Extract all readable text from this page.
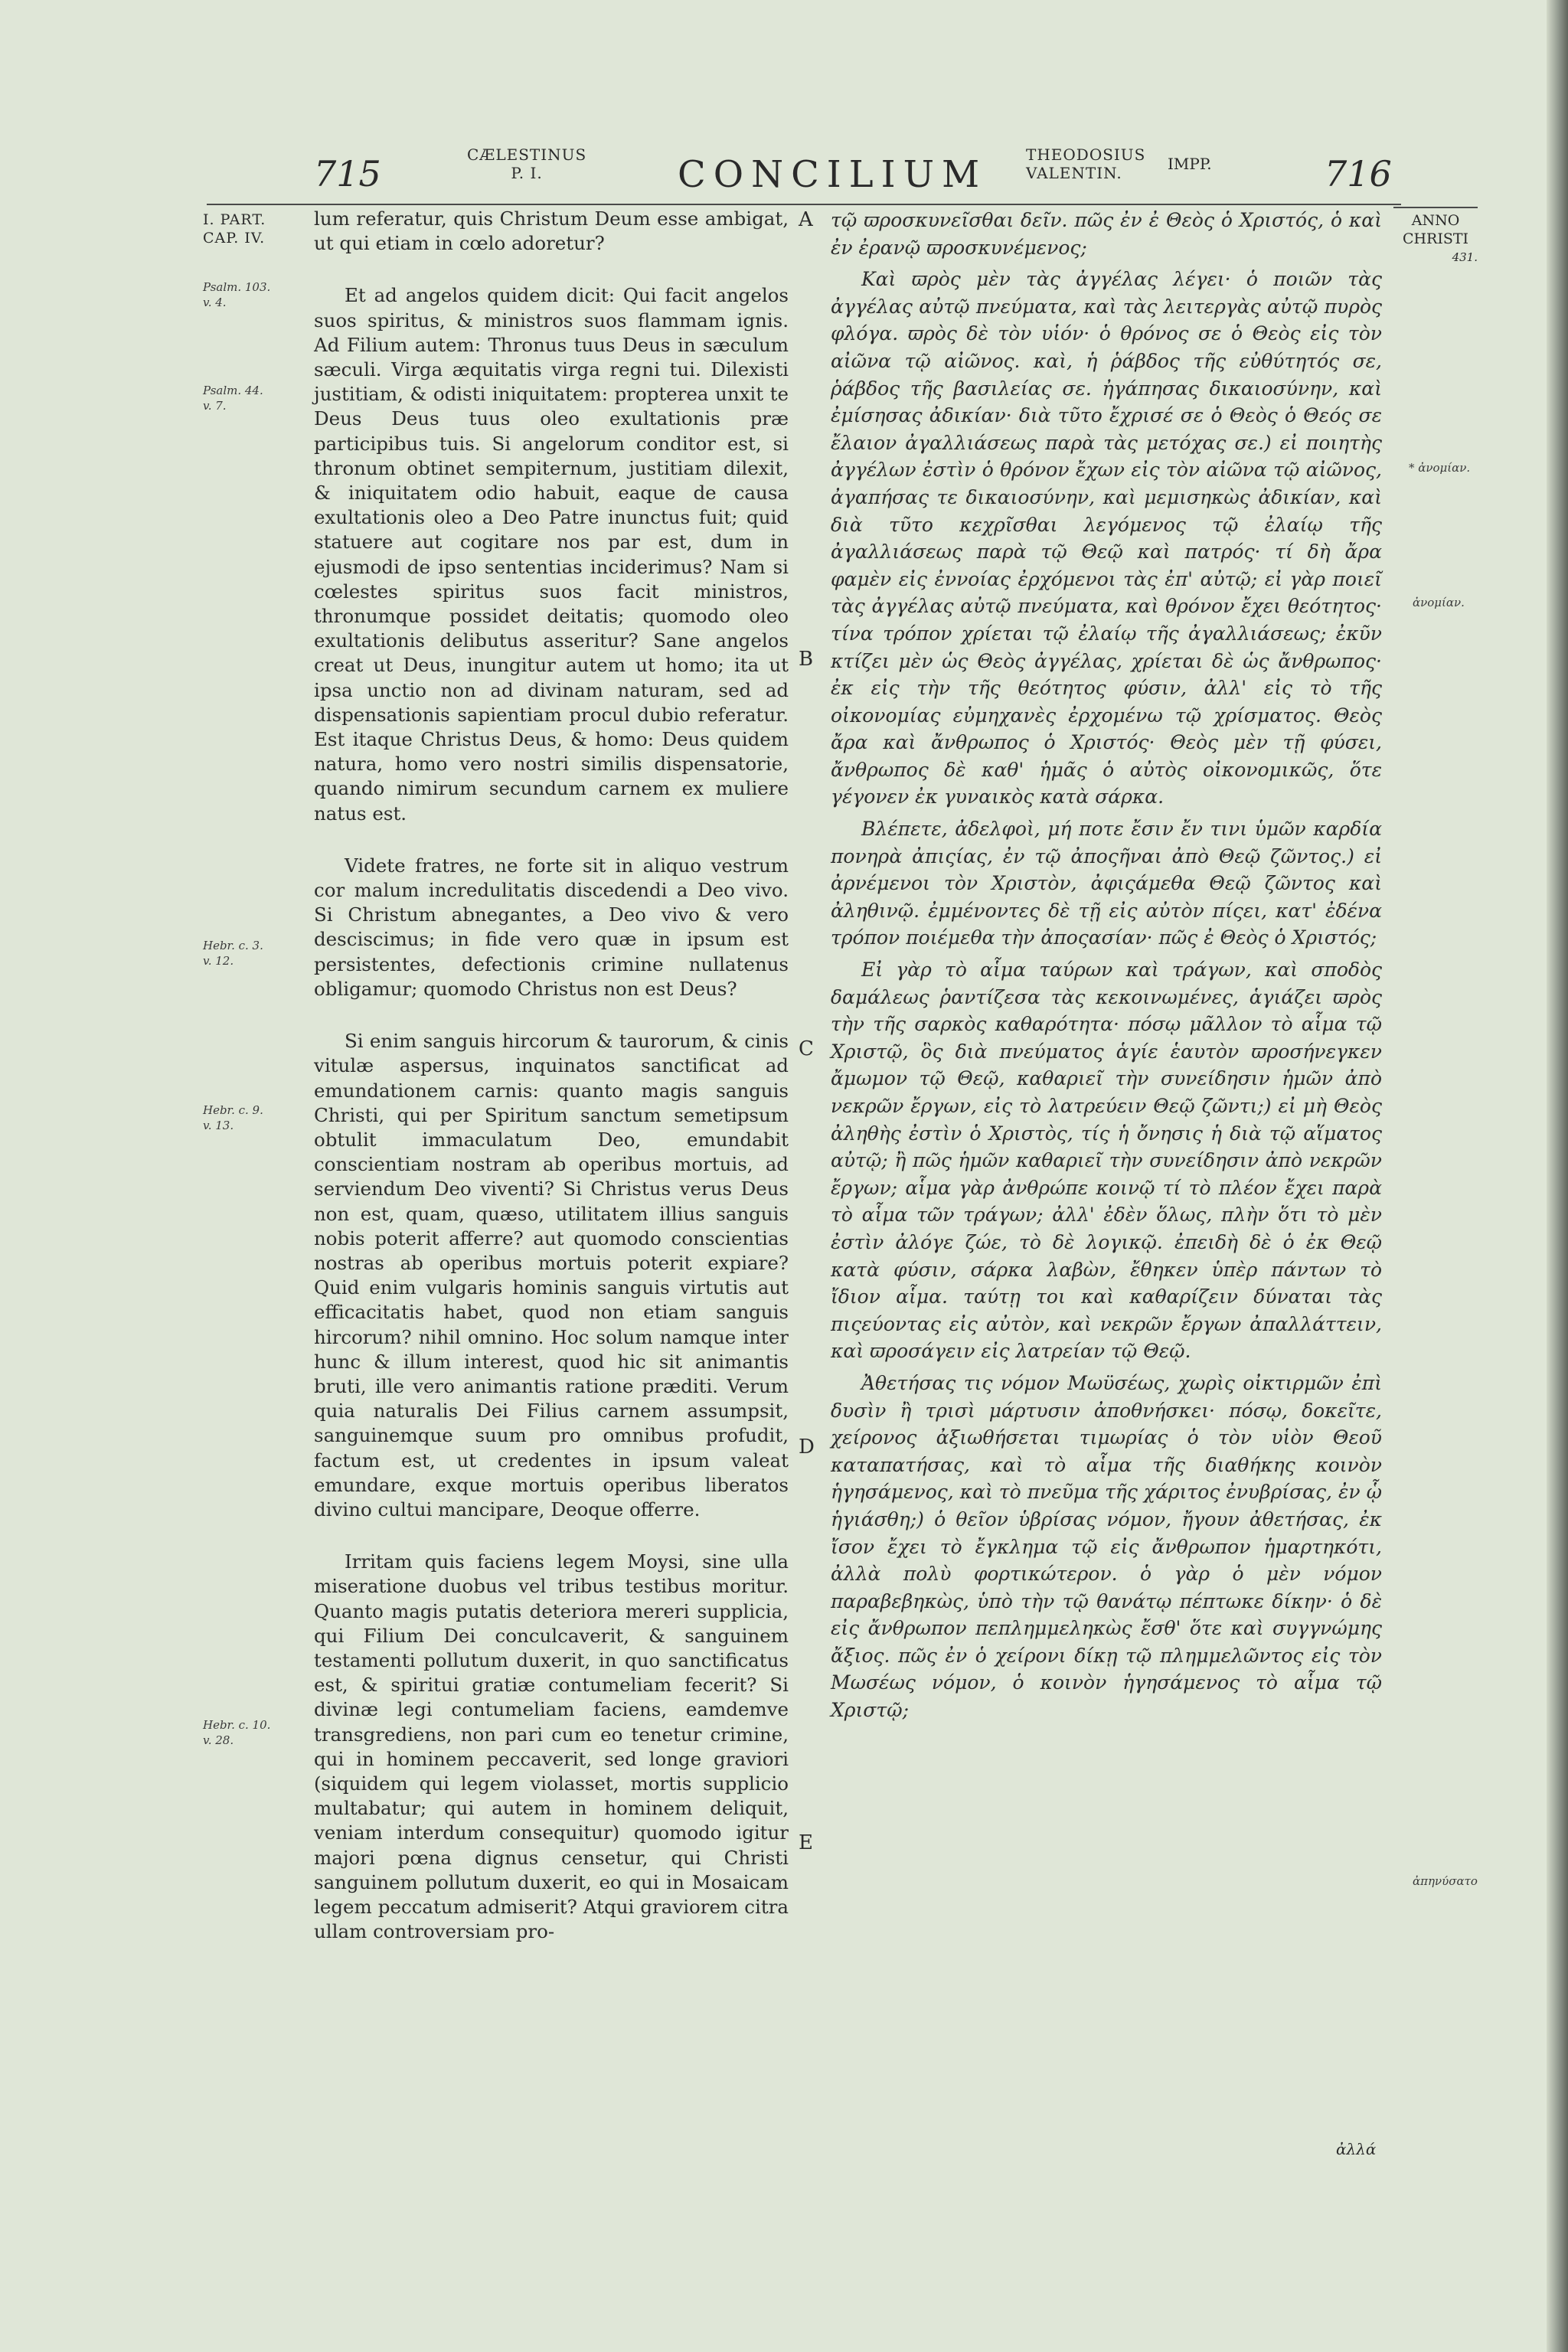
715	CÆLESTINUS
P. I.	CONCILIUM	THEODOSIUS
VALENTIN.	IMPP.	716
I. PART.
CAP. IV.
Psalm. 103. v. 4.
Psalm. 44. v. 7.
Hebr. c. 3. v. 12.
Hebr. c. 9. v. 13.
Hebr. c. 10. v. 28.

lum referatur, quis Christum Deum esse ambigat, ut qui etiam in cœlo adoretur?

Et ad angelos quidem dicit: Qui facit angelos suos spiritus, & ministros suos flammam ignis. Ad Filium autem: Thronus tuus Deus in sæculum sæculi. Virga æquitatis virga regni tui. Dilexisti justitiam, & odisti iniquitatem: propterea unxit te Deus Deus tuus oleo exultationis præ participibus tuis. Si angelorum conditor est, si thronum obtinet sempiternum, justitiam dilexit, & iniquitatem odio habuit, eaque de causa exultationis oleo a Deo Patre inunctus fuit; quid statuere aut cogitare nos par est, dum in ejusmodi de ipso sententias inciderimus? Nam si cœlestes spiritus suos facit ministros, thronumque possidet deitatis; quomodo oleo exultationis delibutus asseritur? Sane angelos creat ut Deus, inungitur autem ut homo; ita ut ipsa unctio non ad divinam naturam, sed ad dispensationis sapientiam procul dubio referatur. Est itaque Christus Deus, & homo: Deus quidem natura, homo vero nostri similis dispensatorie, quando nimirum secundum carnem ex muliere natus est.

Videte fratres, ne forte sit in aliquo vestrum cor malum incredulitatis discedendi a Deo vivo. Si Christum abnegantes, a Deo vivo & vero desciscimus; in fide vero quæ in ipsum est persistentes, defectionis crimine nullatenus obligamur; quomodo Christus non est Deus?

Si enim sanguis hircorum & taurorum, & cinis vitulæ aspersus, inquinatos sanctificat ad emundationem carnis: quanto magis sanguis Christi, qui per Spiritum sanctum semetipsum obtulit immaculatum Deo, emundabit conscientiam nostram ab operibus mortuis, ad serviendum Deo viventi? Si Christus verus Deus non est, quam, quæso, utilitatem illius sanguis nobis poterit afferre? aut quomodo conscientias nostras ab operibus mortuis poterit expiare? Quid enim vulgaris hominis sanguis virtutis aut efficacitatis habet, quod non etiam sanguis hircorum? nihil omnino. Hoc solum namque inter hunc & illum interest, quod hic sit animantis bruti, ille vero animantis ratione præditi. Verum quia naturalis Dei Filius carnem assumpsit, sanguinemque suum pro omnibus profudit, factum est, ut credentes in ipsum valeat emundare, exque mortuis operibus liberatos divino cultui mancipare, Deoque offerre.

Irritam quis faciens legem Moysi, sine ulla miseratione duobus vel tribus testibus moritur. Quanto magis putatis deteriora mereri supplicia, qui Filium Dei conculcaverit, & sanguinem testamenti pollutum duxerit, in quo sanctificatus est, & spiritui gratiæ contumeliam fecerit? Si divinæ legi contumeliam faciens, eamdemve transgrediens, non pari cum eo tenetur crimine, qui in hominem peccaverit, sed longe graviori (siquidem qui legem violasset, mortis supplicio multabatur; qui autem in hominem deliquit, veniam interdum consequitur) quomodo igitur majori pœna dignus censetur, qui Christi sanguinem pollutum duxerit, eo qui in Mosaicam legem peccatum admiserit? Atqui graviorem citra ullam controversiam pro-

A
B
C
D
E

τῷ ϖροσκυνεῖσθαι δεῖν. πῶς ἐν ἐ Θεὸς ὁ Χριστός, ὁ καὶ ἐν ἐρανῷ ϖροσκυνέμενος;

Καὶ ϖρὸς μὲν τὰς ἀγγέλας λέγει· ὁ ποιῶν τὰς ἀγγέλας αὐτῷ πνεύματα, καὶ τὰς λειτεργὰς αὐτῷ πυρὸς φλόγα. ϖρὸς δὲ τὸν υἱόν· ὁ θρόνος σε ὁ Θεὸς εἰς τὸν αἰῶνα τῷ αἰῶνος. καὶ, ἡ ῥάβδος τῆς εὐθύτητός σε, ῥάβδος τῆς βασιλείας σε. ἠγάπησας δικαιοσύνην, καὶ ἐμίσησας ἀδικίαν· διὰ τῦτο ἔχρισέ σε ὁ Θεὸς ὁ Θεός σε ἔλαιον ἀγαλλιάσεως παρὰ τὰς μετόχας σε.) εἰ ποιητὴς ἀγγέλων ἐστὶν ὁ θρόνον ἔχων εἰς τὸν αἰῶνα τῷ αἰῶνος, ἀγαπήσας τε δικαιοσύνην, καὶ μεμισηκὼς ἀδικίαν, καὶ διὰ τῦτο κεχρῖσθαι λεγόμενος τῷ ἐλαίῳ τῆς ἀγαλλιάσεως παρὰ τῷ Θεῷ καὶ πατρός· τί δὴ ἄρα φαμὲν εἰς ἐννοίας ἐρχόμενοι τὰς ἐπ' αὐτῷ; εἰ γὰρ ποιεῖ τὰς ἀγγέλας αὐτῷ πνεύματα, καὶ θρόνον ἔχει θεότητος· τίνα τρόπον χρίεται τῷ ἐλαίῳ τῆς ἀγαλλιάσεως; ἐκῦν κτίζει μὲν ὡς Θεὸς ἀγγέλας, χρίεται δὲ ὡς ἄνθρωπος· ἐκ εἰς τὴν τῆς θεότητος φύσιν, ἀλλ' εἰς τὸ τῆς οἰκονομίας εὐμηχανὲς ἐρχομένω τῷ χρίσματος. Θεὸς ἄρα καὶ ἄνθρωπος ὁ Χριστός· Θεὸς μὲν τῇ φύσει, ἄνθρωπος δὲ καθ' ἡμᾶς ὁ αὐτὸς οἰκονομικῶς, ὅτε γέγονεν ἐκ γυναικὸς κατὰ σάρκα.

Βλέπετε, ἀδελφοὶ, μή ποτε ἔσιν ἔν τινι ὑμῶν καρδία πονηρὰ ἀπιςίας, ἐν τῷ ἀποςῆναι ἀπὸ Θεῷ ζῶντος.) εἰ ἀρνέμενοι τὸν Χριστὸν, ἀφιςάμεθα Θεῷ ζῶντος καὶ ἀληθινῷ. ἐμμένοντες δὲ τῇ εἰς αὐτὸν πίςει, κατ' ἐδένα τρόπον ποιέμεθα τὴν ἀποςασίαν· πῶς ἐ Θεὸς ὁ Χριστός;

Εἰ γὰρ τὸ αἷμα ταύρων καὶ τράγων, καὶ σποδὸς δαμάλεως ῥαντίζεσα τὰς κεκοινωμένες, ἁγιάζει ϖρὸς τὴν τῆς σαρκὸς καθαρότητα· πόσῳ μᾶλλον τὸ αἷμα τῷ Χριστῷ, ὃς διὰ πνεύματος ἁγίε ἑαυτὸν ϖροσήνεγκεν ἄμωμον τῷ Θεῷ, καθαριεῖ τὴν συνείδησιν ἡμῶν ἀπὸ νεκρῶν ἔργων, εἰς τὸ λατρεύειν Θεῷ ζῶντι;) εἰ μὴ Θεὸς ἀληθὴς ἐστὶν ὁ Χριστὸς, τίς ἡ ὄνησις ἡ διὰ τῷ αἵματος αὐτῷ; ἢ πῶς ἡμῶν καθαριεῖ τὴν συνείδησιν ἀπὸ νεκρῶν ἔργων; αἷμα γὰρ ἀνθρώπε κοινῷ τί τὸ πλέον ἔχει παρὰ τὸ αἷμα τῶν τράγων; ἀλλ' ἐδὲν ὅλως, πλὴν ὅτι τὸ μὲν ἐστὶν ἀλόγε ζώε, τὸ δὲ λογικῷ. ἐπειδὴ δὲ ὁ ἐκ Θεῷ κατὰ φύσιν, σάρκα λαβὼν, ἔθηκεν ὑπὲρ πάντων τὸ ἴδιον αἷμα. ταύτῃ τοι καὶ καθαρίζειν δύναται τὰς πιςεύοντας εἰς αὐτὸν, καὶ νεκρῶν ἔργων ἀπαλλάττειν, καὶ ϖροσάγειν εἰς λατρείαν τῷ Θεῷ.

Ἀθετήσας τις νόμον Μωϋσέως, χωρὶς οἰκτιρμῶν ἐπὶ δυσὶν ἢ τρισὶ μάρτυσιν ἀποθνήσκει· πόσῳ, δοκεῖτε, χείρονος ἀξιωθήσεται τιμωρίας ὁ τὸν υἱὸν Θεοῦ καταπατήσας, καὶ τὸ αἷμα τῆς διαθήκης κοινὸν ἡγησάμενος, καὶ τὸ πνεῦμα τῆς χάριτος ἐνυβρίσας, ἐν ᾧ ἡγιάσθη;) ὁ θεῖον ὑβρίσας νόμον, ἤγουν ἀθετήσας, ἐκ ἴσον ἔχει τὸ ἔγκλημα τῷ εἰς ἄνθρωπον ἡμαρτηκότι, ἀλλὰ πολὺ φορτικώτερον. ὁ γὰρ ὁ μὲν νόμον παραβεβηκὼς, ὑπὸ τὴν τῷ θανάτῳ πέπτωκε δίκην· ὁ δὲ εἰς ἄνθρωπον πεπλημμεληκὼς ἔσθ' ὅτε καὶ συγγνώμης ἄξιος. πῶς ἐν ὁ χείρονι δίκῃ τῷ πλημμελῶντος εἰς τὸν Μωσέως νόμον, ὁ κοινὸν ἡγησάμενος τὸ αἷμα τῷ Χριστῷ;

ANNO
CHRISTI
431.
* ἀνομίαν.
ἀνομίαν.
ἀπηνύσατο
ἀλλά
